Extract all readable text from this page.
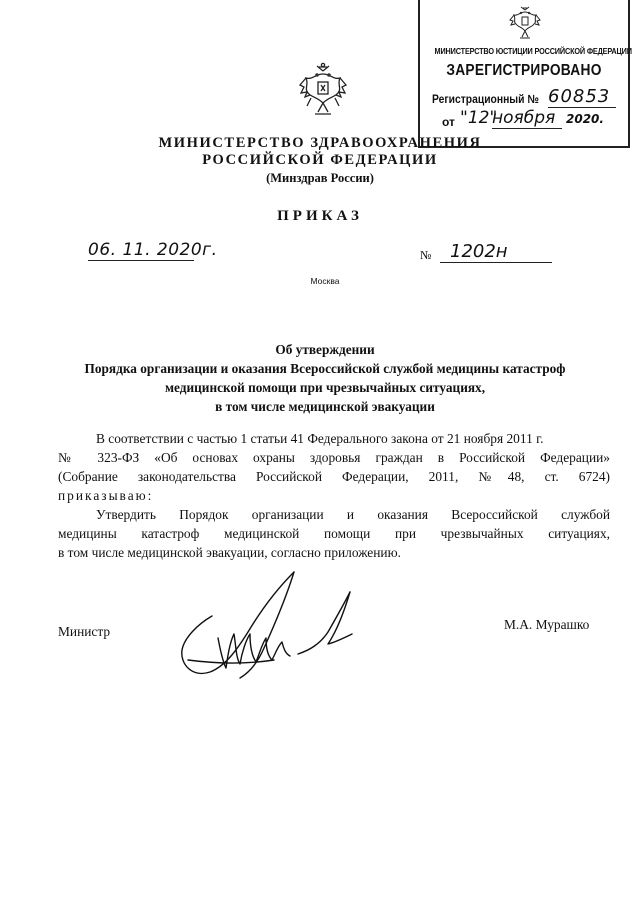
МИНИСТЕРСТВО ЮСТИЦИИ РОССИЙСКОЙ ФЕДЕРАЦИИ
ЗАРЕГИСТРИРОВАНО
Регистрационный № 60853
от "12"
ноября 2020.
МИНИСТЕРСТВО ЗДРАВООХРАНЕНИЯ
РОССИЙСКОЙ ФЕДЕРАЦИИ
(Минздрав России)
ПРИКАЗ
06. 11. 2020г.	№	1202н
Москва
Об утверждении
Порядка организации и оказания Всероссийской службой медицины катастроф
медицинской помощи при чрезвычайных ситуациях,
в том числе медицинской эвакуации
В соответствии с частью 1 статьи 41 Федерального закона от 21 ноября 2011 г.
№ 323-ФЗ «Об основах охраны здоровья граждан в Российской Федерации»
(Собрание законодательства Российской Федерации, 2011, №48, ст. 6724)
приказываю:
Утвердить Порядок организации и оказания Всероссийской службой
медицины катастроф медицинской помощи при чрезвычайных ситуациях,
в том числе медицинской эвакуации, согласно приложению.
Министр	М.А. Мурашко
